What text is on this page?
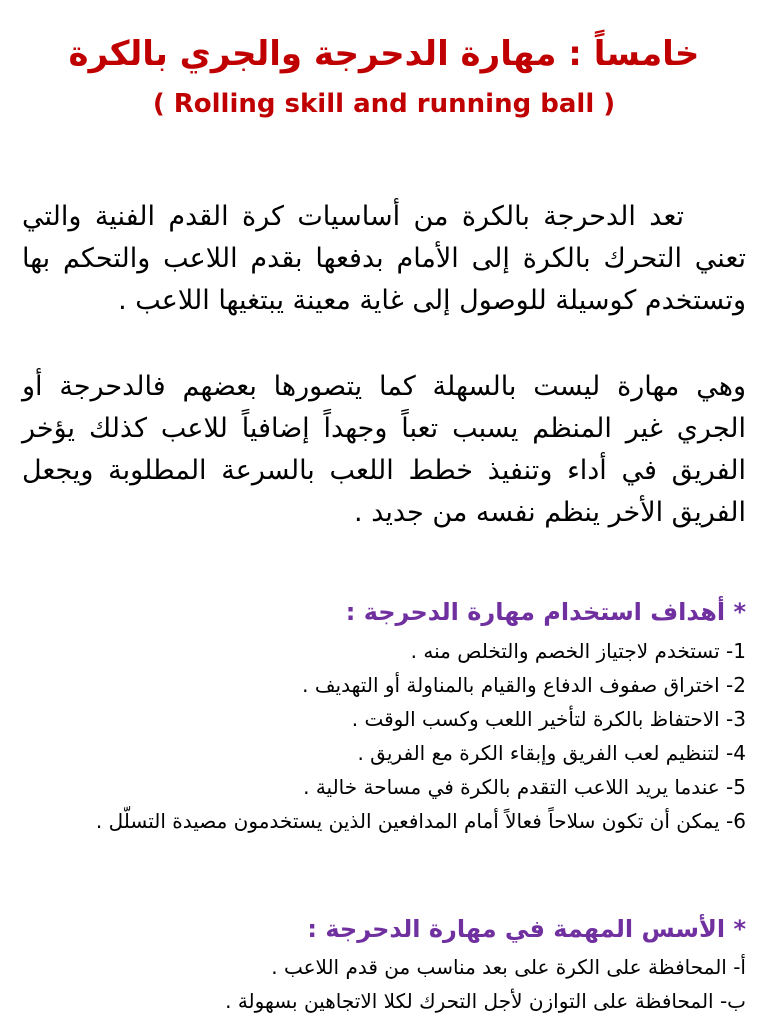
خامساً : مهارة الدحرجة والجري بالكرة
( Rolling skill and running ball )

تعد الدحرجة بالكرة من أساسيات كرة القدم الفنية والتي تعني التحرك بالكرة إلى الأمام بدفعها بقدم اللاعب والتحكم بها وتستخدم كوسيلة للوصول إلى غاية معينة يبتغيها اللاعب .

وهي مهارة ليست بالسهلة كما يتصورها بعضهم فالدحرجة أو الجري غير المنظم يسبب تعباً وجهداً إضافياً للاعب كذلك يؤخر الفريق في أداء وتنفيذ خطط اللعب بالسرعة المطلوبة ويجعل الفريق الأخر ينظم نفسه من جديد .

* أهداف استخدام مهارة الدحرجة :
1- تستخدم لاجتياز الخصم والتخلص منه .
2- اختراق صفوف الدفاع والقيام بالمناولة أو التهديف .
3- الاحتفاظ بالكرة لتأخير اللعب وكسب الوقت .
4- لتنظيم لعب الفريق وإبقاء الكرة مع الفريق .
5- عندما يريد اللاعب التقدم بالكرة في مساحة خالية .
6- يمكن أن تكون سلاحاً فعالاً أمام المدافعين الذين يستخدمون مصيدة التسلّل .
* الأسس المهمة في مهارة الدحرجة :
أ- المحافظة على الكرة على بعد مناسب من قدم اللاعب .
ب- المحافظة على التوازن لأجل التحرك لكلا الاتجاهين بسهولة .
